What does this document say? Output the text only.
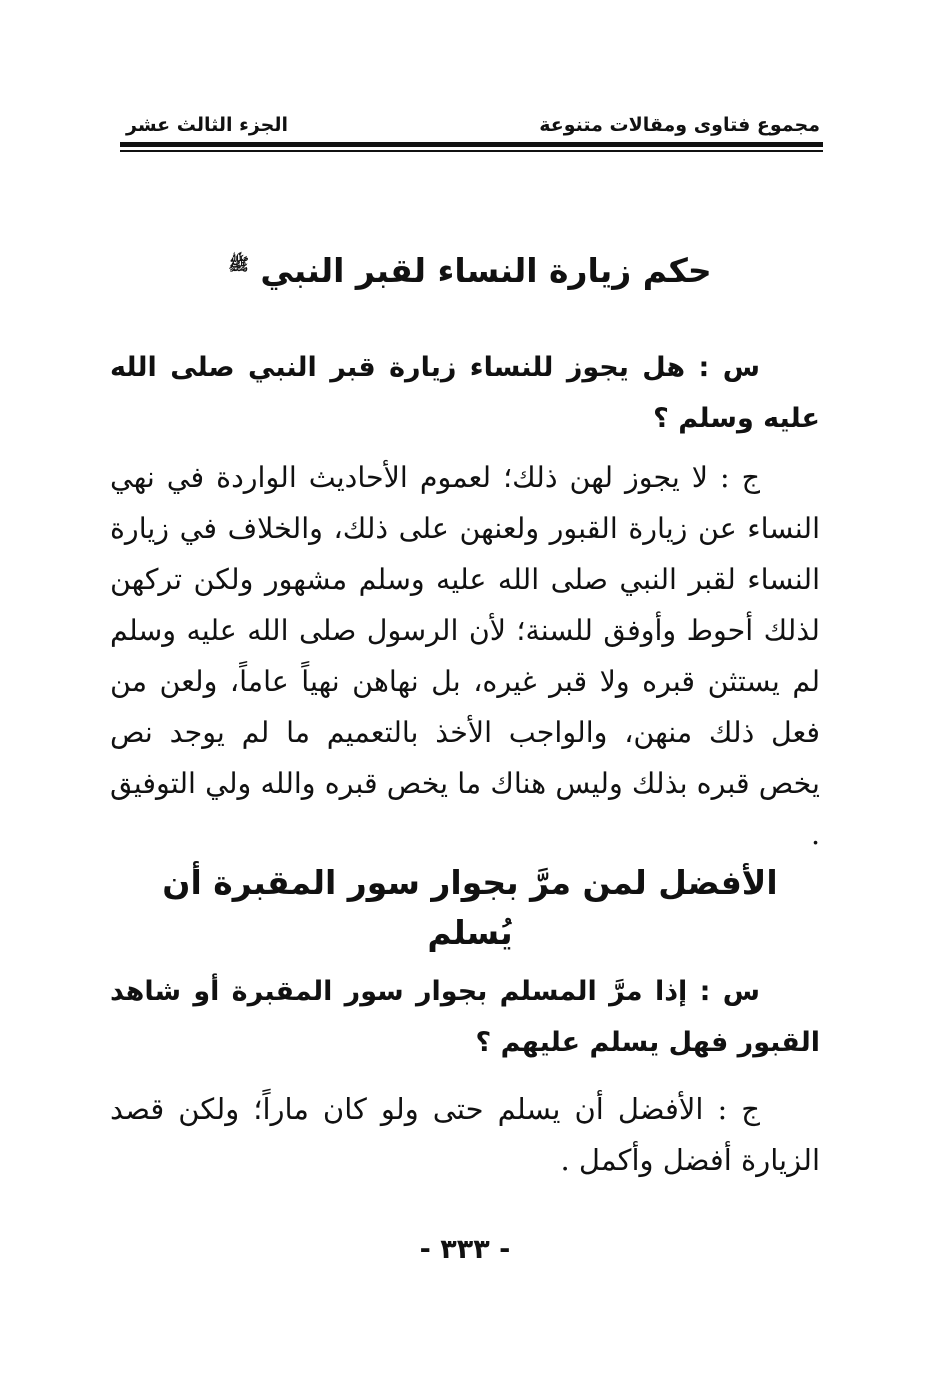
مجموع فتاوى ومقالات متنوعة
الجزء الثالث عشر
حكم زيارة النساء لقبر النبي $^ﷺ$

س : هل يجوز للنساء زيارة قبر النبي صلى الله عليه وسلم ؟

ج : لا يجوز لهن ذلك؛ لعموم الأحاديث الواردة في نهي النساء عن زيارة القبور ولعنهن على ذلك، والخلاف في زيارة النساء لقبر النبي صلى الله عليه وسلم مشهور ولكن تركهن لذلك أحوط وأوفق للسنة؛ لأن الرسول صلى الله عليه وسلم لم يستثن قبره ولا قبر غيره، بل نهاهن نهياً عاماً، ولعن من فعل ذلك منهن، والواجب الأخذ بالتعميم ما لم يوجد نص يخص قبره بذلك وليس هناك ما يخص قبره والله ولي التوفيق .

الأفضل لمن مرَّ بجوار سور المقبرة أن يُسلم

س : إذا مرَّ المسلم بجوار سور المقبرة أو شاهد القبور فهل يسلم عليهم ؟

ج : الأفضل أن يسلم حتى ولو كان ماراً؛ ولكن قصد الزيارة أفضل وأكمل .

- ٣٣٣ -
